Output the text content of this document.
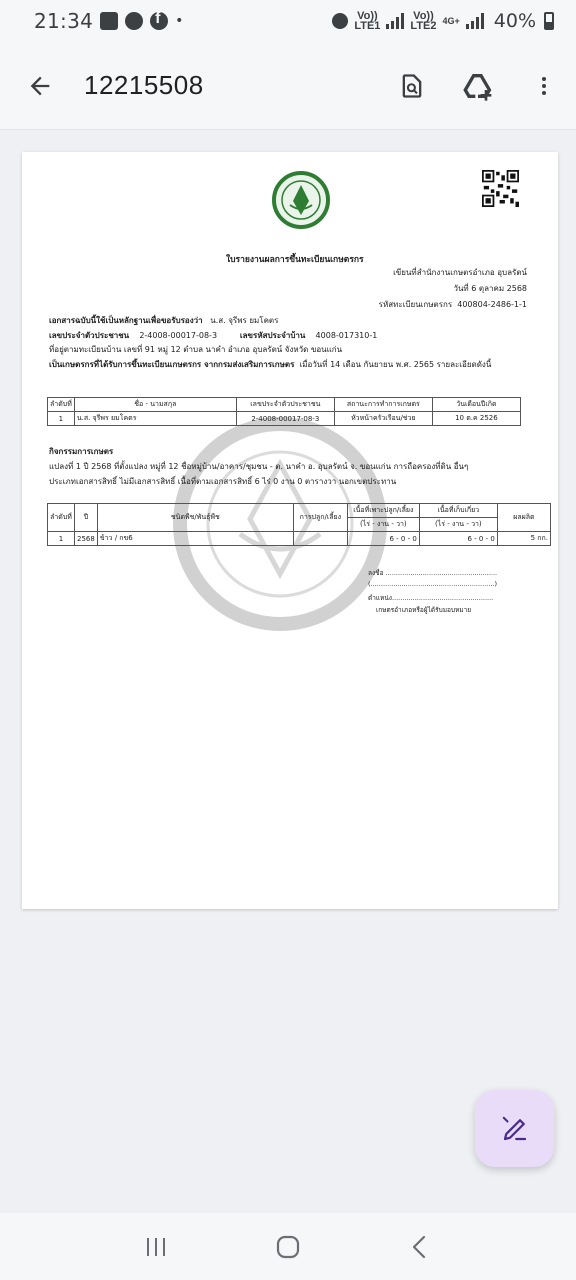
21:34 f	•	Vo))
LTE1
Vo))
LTE2 4G+ 40%
12215508
ใบรายงานผลการขึ้นทะเบียนเกษตรกร
เขียนที่สำนักงานเกษตรอำเภอ อุบลรัตน์
วันที่ 6 ตุลาคม 2568
รหัสทะเบียนเกษตรกร 400804-2486-1-1
เอกสารฉบับนี้ใช้เป็นหลักฐานเพื่อขอรับรองว่า น.ส. จุรีพร ยมโคตร
เลขประจำตัวประชาชน 2-4008-00017-08-3	เลขรหัสประจำบ้าน 4008-017310-1
ที่อยู่ตามทะเบียนบ้าน เลขที่ 91 หมู่ 12 ตำบล นาคำ อำเภอ อุบลรัตน์ จังหวัด ขอนแก่น
เป็นเกษตรกรที่ได้รับการขึ้นทะเบียนเกษตรกร จากกรมส่งเสริมการเกษตร เมื่อวันที่ 14 เดือน กันยายน พ.ศ. 2565 รายละเอียดดังนี้
ลำดับที่	ชื่อ - นามสกุล	เลขประจำตัวประชาชน	สถานะการทำการเกษตร	วันเดือนปีเกิด
1	น.ส. จุรีพร ยมโคตร	2-4008-00017-08-3	หัวหน้าครัวเรือน/ช่วย	10 ต.ค 2526
กิจกรรมการเกษตร
แปลงที่ 1 ปี 2568 ที่ตั้งแปลง หมู่ที่ 12 ชื่อหมู่บ้าน/อาคาร/ชุมชน - ต. นาคำ อ. อุบลรัตน์ จ. ขอนแก่น การถือครองที่ดิน อื่นๆ
ประเภทเอกสารสิทธิ์ ไม่มีเอกสารสิทธิ์ เนื้อที่ตามเอกสารสิทธิ์ 6 ไร่ 0 งาน 0 ตารางวา นอกเขตประทาน
ลำดับที่	ปี	ชนิดพืช/พันธุ์พืช	การปลูก/เลี้ยง	เนื้อที่เพาะปลูก/เลี้ยง	เนื้อที่เก็บเกี่ยว	ผลผลิต
				(ไร่ - งาน - วา)	(ไร่ - งาน - วา)	
1	2568	ข้าว / กข6		6 - 0 - 0	6 - 0 - 0	5 กก.
ลงชื่อ ......................................................
(............................................................)
ตำแหน่ง.................................................
เกษตรอำเภอหรือผู้ได้รับมอบหมาย
